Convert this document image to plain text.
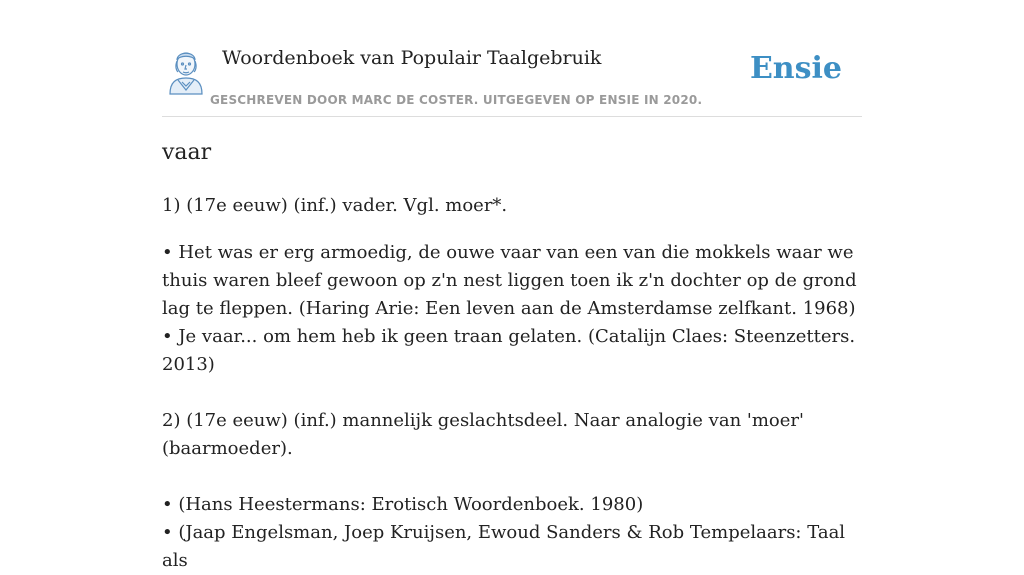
Woordenboek van Populair Taalgebruik
GESCHREVEN DOOR MARC DE COSTER. UITGEGEVEN OP ENSIE IN 2020.
Ensie
vaar

1) (17e eeuw) (inf.) vader. Vgl. moer*.

• Het was er erg armoedig, de ouwe vaar van een van die mokkels waar we thuis waren bleef gewoon op z'n nest liggen toen ik z'n dochter op de grond lag te fleppen. (Haring Arie: Een leven aan de Amsterdamse zelfkant. 1968)

• Je vaar... om hem heb ik geen traan gelaten. (Catalijn Claes: Steenzetters. 2013)

2) (17e eeuw) (inf.) mannelijk geslachtsdeel. Naar analogie van 'moer' (baarmoeder).

• (Hans Heestermans: Erotisch Woordenboek. 1980)

• (Jaap Engelsman, Joep Kruijsen, Ewoud Sanders & Rob Tempelaars: Taal als
